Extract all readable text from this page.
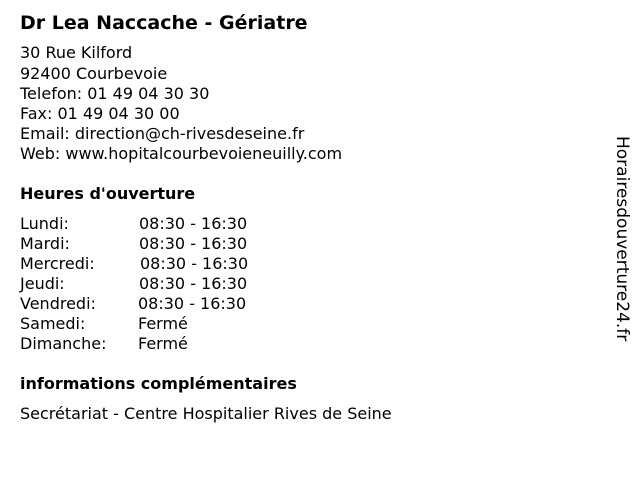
Dr Lea Naccache - Gériatre
30 Rue Kilford
92400 Courbevoie
Telefon: 01 49 04 30 30
Fax: 01 49 04 30 00
Email: direction@ch-rivesdeseine.fr
Web: www.hopitalcourbevoieneuilly.com
Heures d'ouverture
Lundi:	08:30 - 16:30
Mardi:	08:30 - 16:30
Mercredi:	08:30 - 16:30
Jeudi:	08:30 - 16:30
Vendredi:	08:30 - 16:30
Samedi:	Fermé
Dimanche: Fermé
informations complémentaires
Secrétariat - Centre Hospitalier Rives de Seine
Horairesdouverture24.fr
